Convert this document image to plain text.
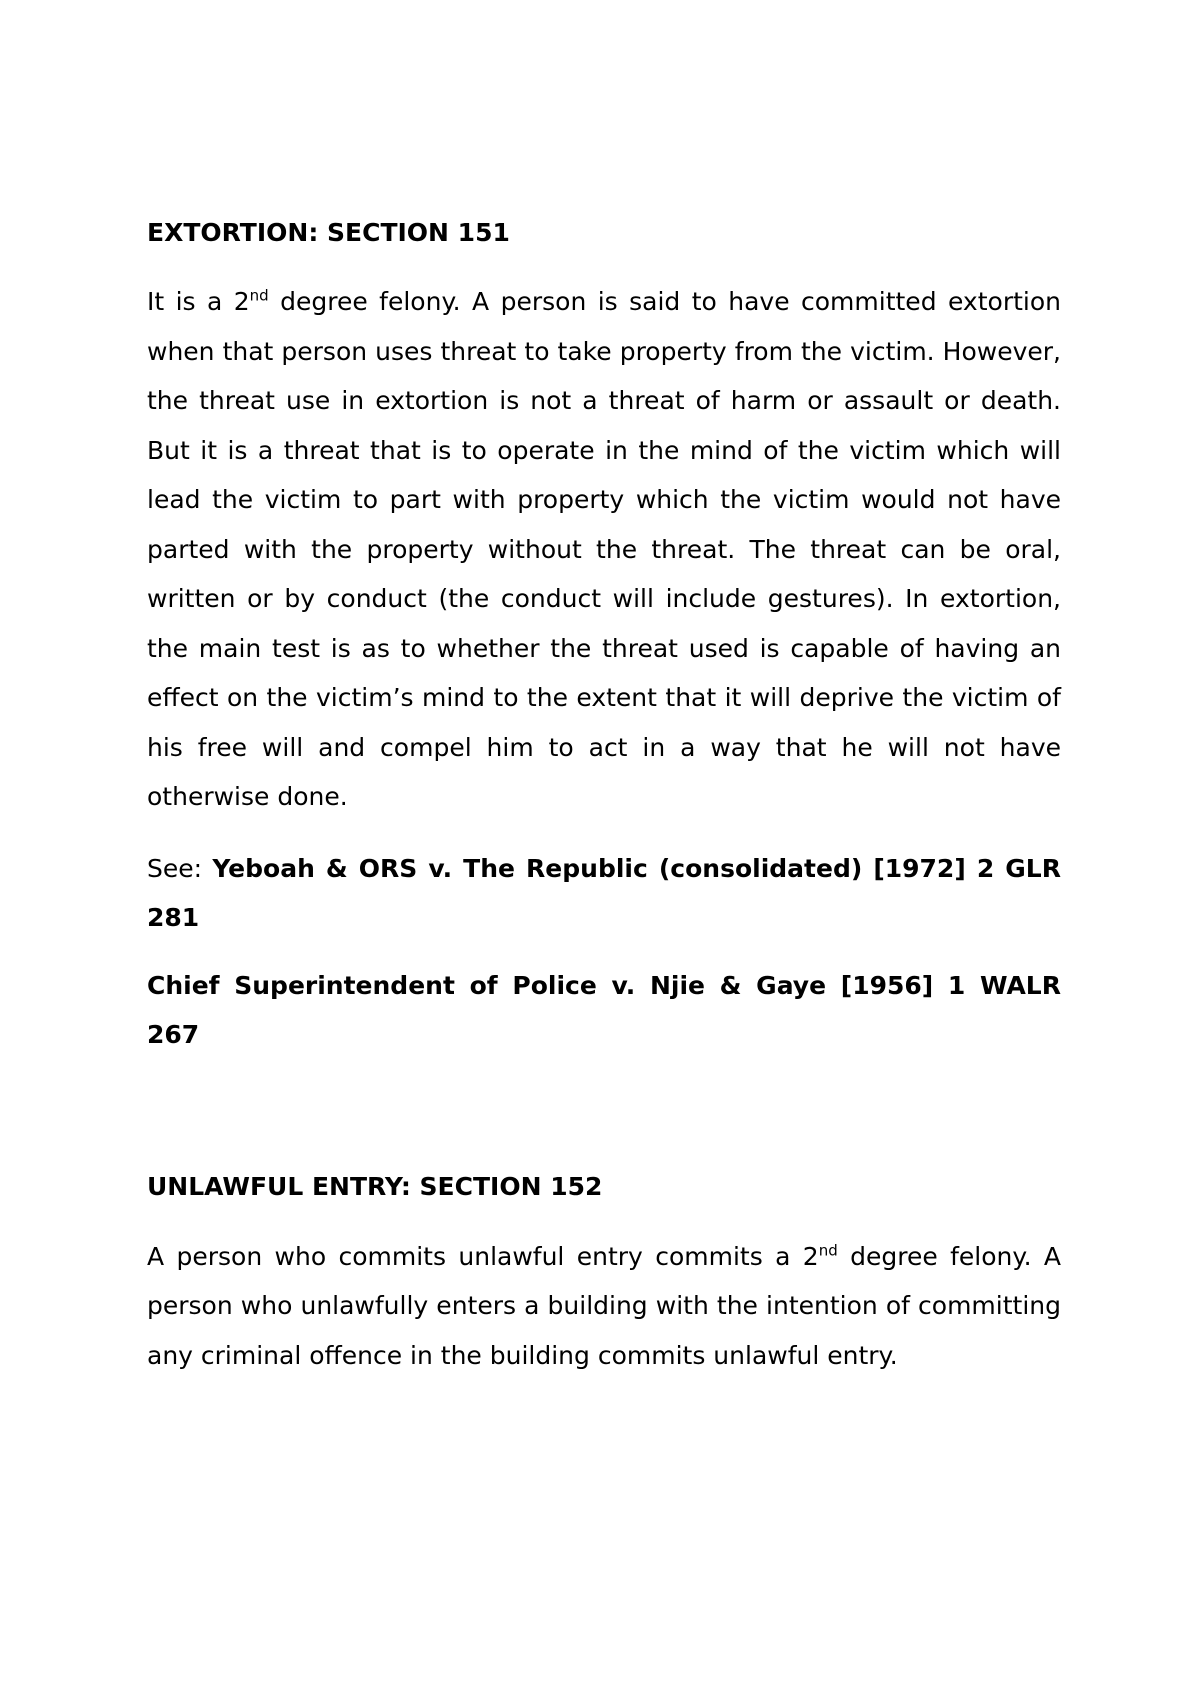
EXTORTION: SECTION 151

It is a 2nd degree felony. A person is said to have committed extortion when that person uses threat to take property from the victim. However, the threat use in extortion is not a threat of harm or assault or death. But it is a threat that is to operate in the mind of the victim which will lead the victim to part with property which the victim would not have parted with the property without the threat. The threat can be oral, written or by conduct (the conduct will include gestures). In extortion, the main test is as to whether the threat used is capable of having an effect on the victim’s mind to the extent that it will deprive the victim of his free will and compel him to act in a way that he will not have otherwise done.

See: Yeboah & ORS v. The Republic (consolidated) [1972] 2 GLR 281

Chief Superintendent of Police v. Njie & Gaye [1956] 1 WALR 267

UNLAWFUL ENTRY: SECTION 152

A person who commits unlawful entry commits a 2nd degree felony. A person who unlawfully enters a building with the intention of committing any criminal offence in the building commits unlawful entry.
